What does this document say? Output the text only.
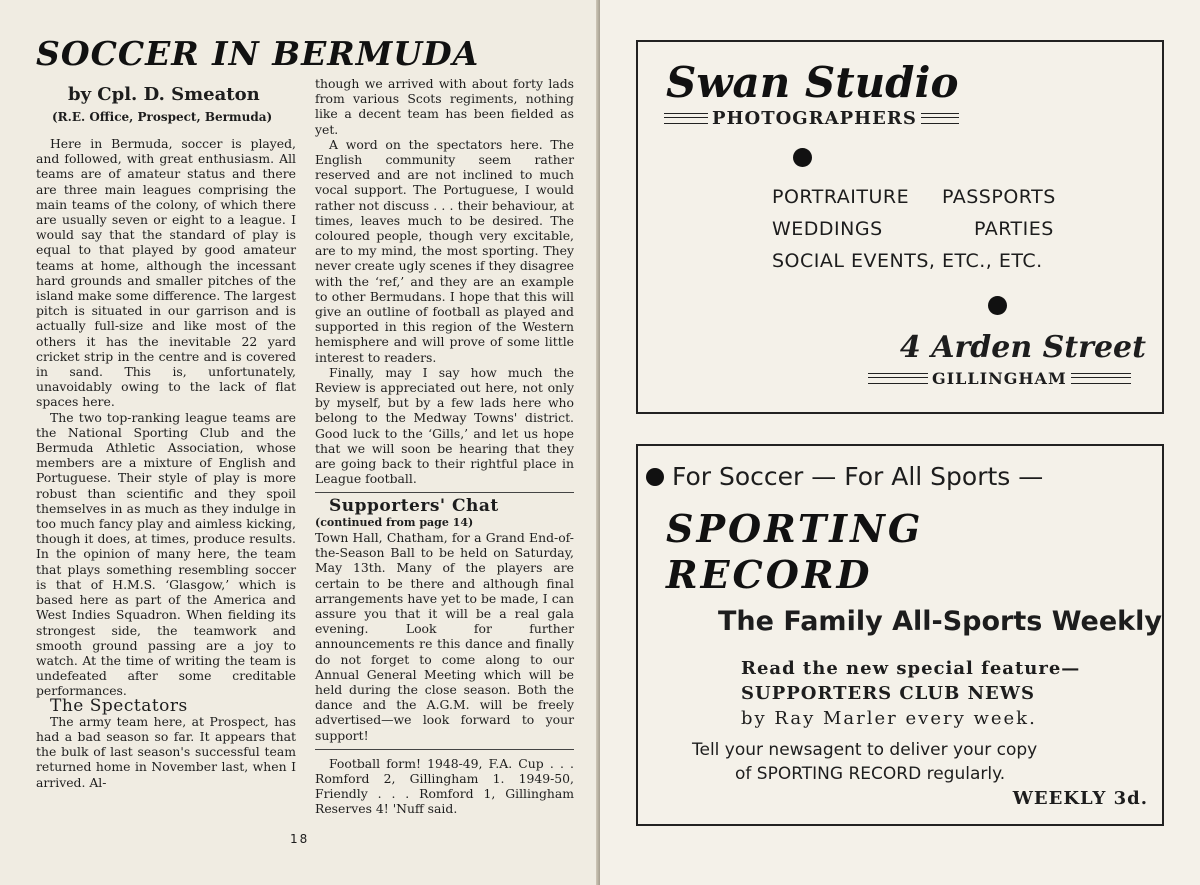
SOCCER IN BERMUDA

by Cpl. D. Smeaton

(R.E. Office, Prospect, Bermuda)

Here in Bermuda, soccer is played, and followed, with great enthusiasm. All teams are of amateur status and there are three main leagues comprising the main teams of the colony, of which there are usually seven or eight to a league. I would say that the standard of play is equal to that played by good amateur teams at home, although the incessant hard grounds and smaller pitches of the island make some difference. The largest pitch is situated in our garrison and is actually full-size and like most of the others it has the inevitable 22 yard cricket strip in the centre and is covered in sand. This is, unfortunately, unavoidably owing to the lack of flat spaces here.

The two top-ranking league teams are the National Sporting Club and the Bermuda Athletic Association, whose members are a mixture of English and Portuguese. Their style of play is more robust than scientific and they spoil themselves in as much as they indulge in too much fancy play and aimless kicking, though it does, at times, produce results. In the opinion of many here, the team that plays something resembling soccer is that of H.M.S. ‘Glasgow,’ which is based here as part of the America and West Indies Squadron. When fielding its strongest side, the teamwork and smooth ground passing are a joy to watch. At the time of writing the team is undefeated after some creditable performances.

The Spectators

The army team here, at Prospect, has had a bad season so far. It appears that the bulk of last season's successful team returned home in November last, when I arrived. Al-

though we arrived with about forty lads from various Scots regiments, nothing like a decent team has been fielded as yet.

A word on the spectators here. The English community seem rather reserved and are not inclined to much vocal support. The Portuguese, I would rather not discuss . . . their behaviour, at times, leaves much to be desired. The coloured people, though very excitable, are to my mind, the most sporting. They never create ugly scenes if they disagree with the ‘ref,’ and they are an example to other Bermudans. I hope that this will give an outline of football as played and supported in this region of the Western hemisphere and will prove of some little interest to readers.

Finally, may I say how much the Review is appreciated out here, not only by myself, but by a few lads here who belong to the Medway Towns' district. Good luck to the ‘Gills,’ and let us hope that we will soon be hearing that they are going back to their rightful place in League football.

Supporters' Chat

(continued from page 14)

Town Hall, Chatham, for a Grand End-of-the-Season Ball to be held on Saturday, May 13th. Many of the players are certain to be there and although final arrangements have yet to be made, I can assure you that it will be a real gala evening. Look for further announcements re this dance and finally do not forget to come along to our Annual General Meeting which will be held during the close season. Both the dance and the A.G.M. will be freely advertised—we look forward to your support!

Football form! 1948-49, F.A. Cup . . . Romford 2, Gillingham 1. 1949-50, Friendly . . . Romford 1, Gillingham Reserves 4! 'Nuff said.

18
Swan Studio
PHOTOGRAPHERS

PORTRAITURE PASSPORTS

WEDDINGS	PARTIES

SOCIAL EVENTS, ETC., ETC.

4 Arden Street
GILLINGHAM
For Soccer — For All Sports —
SPORTING
RECORD

The Family All-Sports Weekly

Read the new special feature—

SUPPORTERS CLUB NEWS

by Ray Marler every week.

Tell your newsagent to deliver your copy

of SPORTING RECORD regularly.

WEEKLY 3d.
